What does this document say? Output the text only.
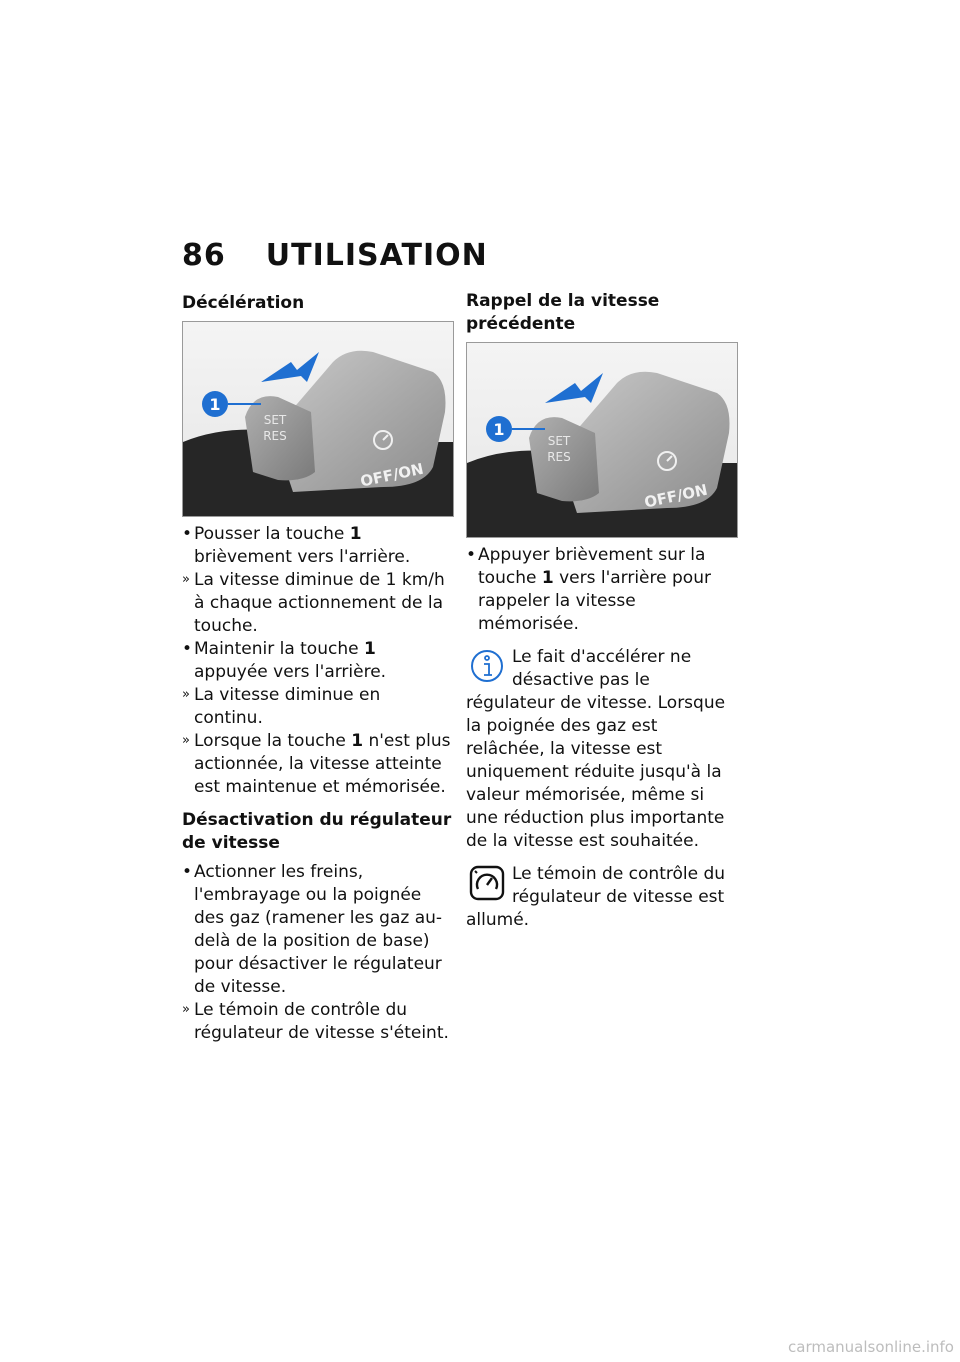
86 UTILISATION
Décélération
1
SET
RES
OFF/ON
• Pousser la touche 1 brièvement vers l'arrière.
» La vitesse diminue de 1 km/h à chaque actionnement de la touche.
• Maintenir la touche 1 appuyée vers l'arrière.
» La vitesse diminue en continu.
» Lorsque la touche 1 n'est plus actionnée, la vitesse atteinte est maintenue et mémorisée.
Désactivation du régulateur de vitesse
• Actionner les freins, l'embrayage ou la poignée des gaz (ramener les gaz au-delà de la position de base) pour désactiver le régulateur de vitesse.
» Le témoin de contrôle du régulateur de vitesse s'éteint.
Rappel de la vitesse précédente
1
SET
RES
OFF/ON
• Appuyer brièvement sur la touche 1 vers l'arrière pour rappeler la vitesse mémorisée.

Le fait d'accélérer ne désactive pas le régulateur de vitesse. Lorsque la poignée des gaz est relâchée, la vitesse est uniquement réduite jusqu'à la valeur mémorisée, même si une réduction plus importante de la vitesse est souhaitée.

Le témoin de contrôle du régulateur de vitesse est allumé.

carmanualsonline.info
